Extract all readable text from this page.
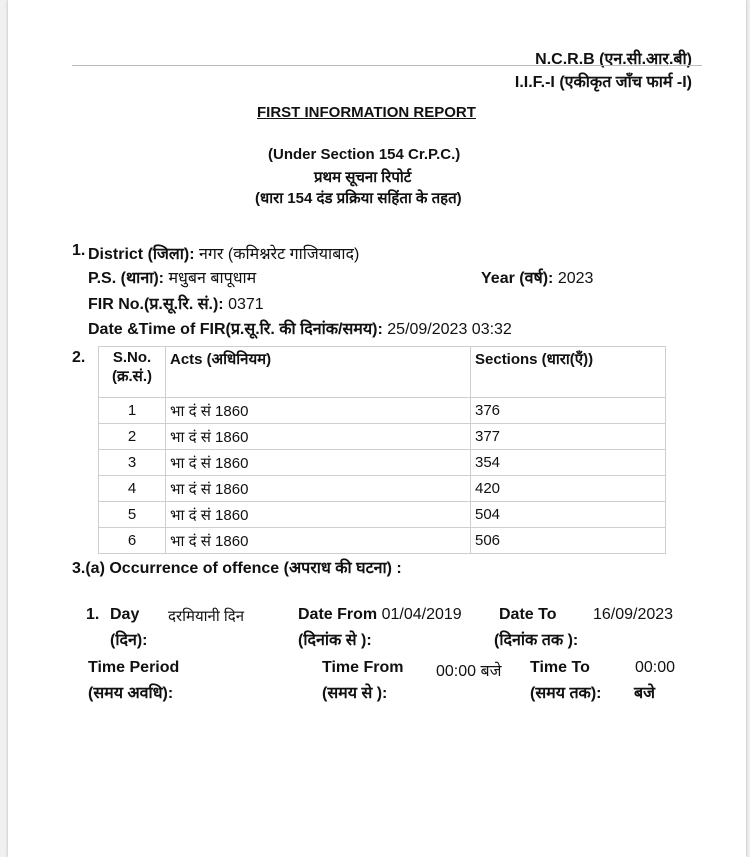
N.C.R.B (एन.सी.आर.बी)
I.I.F.-I (एकीकृत जाँच फार्म -I)
FIRST INFORMATION REPORT
(Under Section 154 Cr.P.C.)
प्रथम सूचना रिपोर्ट
(धारा 154 दंड प्रक्रिया सहिंता के तहत)
1. District (जिला): नगर (कमिश्नरेट गाजियाबाद)
P.S. (थाना): मधुबन बापूधाम	Year (वर्ष): 2023
FIR No.(प्र.सू.रि. सं.): 0371
Date &Time of FIR(प्र.सू.रि. की दिनांक/समय): 25/09/2023 03:32
2.	S.No.
(क्र.सं.)	Acts (अधिनियम)	Sections (धारा(एँ))
1	भा दं सं 1860	376
2	भा दं सं 1860	377
3	भा दं सं 1860	354
4	भा दं सं 1860	420
5	भा दं सं 1860	504
6	भा दं सं 1860	506
3.(a) Occurrence of offence (अपराध की घटना) :
1. Day दरमियानी दिन
(दिन):
Date From 01/04/2019
(दिनांक से ):
Date To 16/09/2023
(दिनांक तक ):
Time Period
(समय अवधि):
Time From 00:00 बजे
(समय से ):
Time To	00:00
(समय तक): बजे
